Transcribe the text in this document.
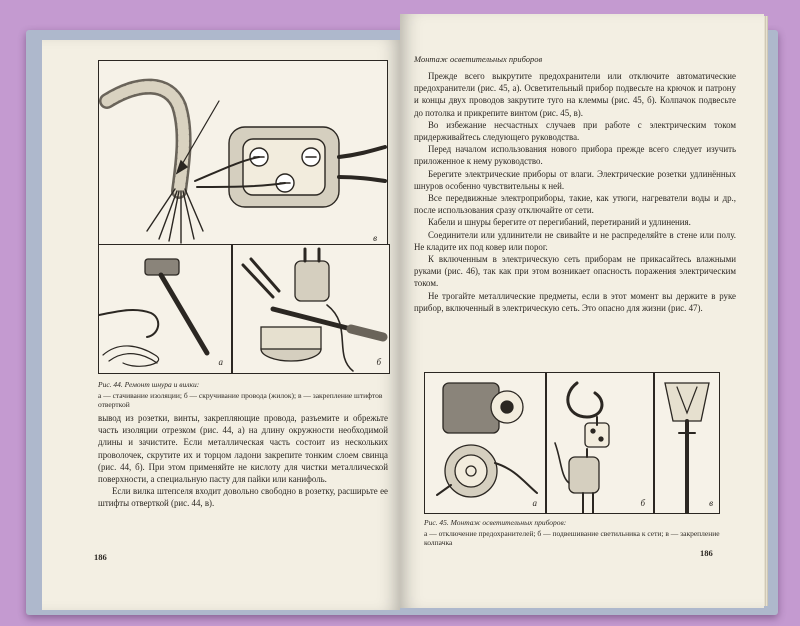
в
а	б
Рис. 44. Ремонт шнура и вилки:
а — стачивание изоляции; б — скручивание провода (жилок); в — закрепление штифтов отверткой

вывод из розетки, винты, закрепляющие провода, разъемите и обрежьте часть изоляции отрезком (рис. 44, а) на длину окружности необходимой длины и зачистите. Если металлическая часть состоит из нескольких проволочек, скрутите их и торцом ладони закрепите тонким слоем свинца (рис. 44, б). При этом применяйте не кислоту для чистки металлической поверхности, а специальную пасту для пайки или канифоль.

Если вилка штепселя входит довольно свободно в розетку, расширьте ее штифты отверткой (рис. 44, в).

186
Монтаж осветительных приборов

Прежде всего выкрутите предохранители или отключите автоматические предохранители (рис. 45, а). Осветительный прибор подвесьте на крючок и патрону и концы двух проводов закрутите туго на клеммы (рис. 45, б). Колпачок подвесьте до потолка и прикрепите винтом (рис. 45, в).

Во избежание несчастных случаев при работе с электрическим током придерживайтесь следующего руководства.

Перед началом использования нового прибора прежде всего следует изучить приложенное к нему руководство.

Берегите электрические приборы от влаги. Электрические розетки удлинённых шнуров особенно чувствительны к ней.

Все передвижные электроприборы, такие, как утюги, нагреватели воды и др., после использования сразу отключайте от сети.

Кабели и шнуры берегите от перегибаний, перетираний и удлинения.

Соединители или удлинители не свивайте и не распределяйте в стене или полу. Не кладите их под ковер или порог.

К включенным в электрическую сеть приборам не прикасайтесь влажными руками (рис. 46), так как при этом возникает опасность поражения электрическим током.

Не трогайте металлические предметы, если в этот момент вы держите в руке прибор, включенный в электрическую сеть. Это опасно для жизни (рис. 47).

а	б	в
Рис. 45. Монтаж осветительных приборов:
а — отключение предохранителей; б — подвешивание светильника к сети; в — закрепление колпачка
186
